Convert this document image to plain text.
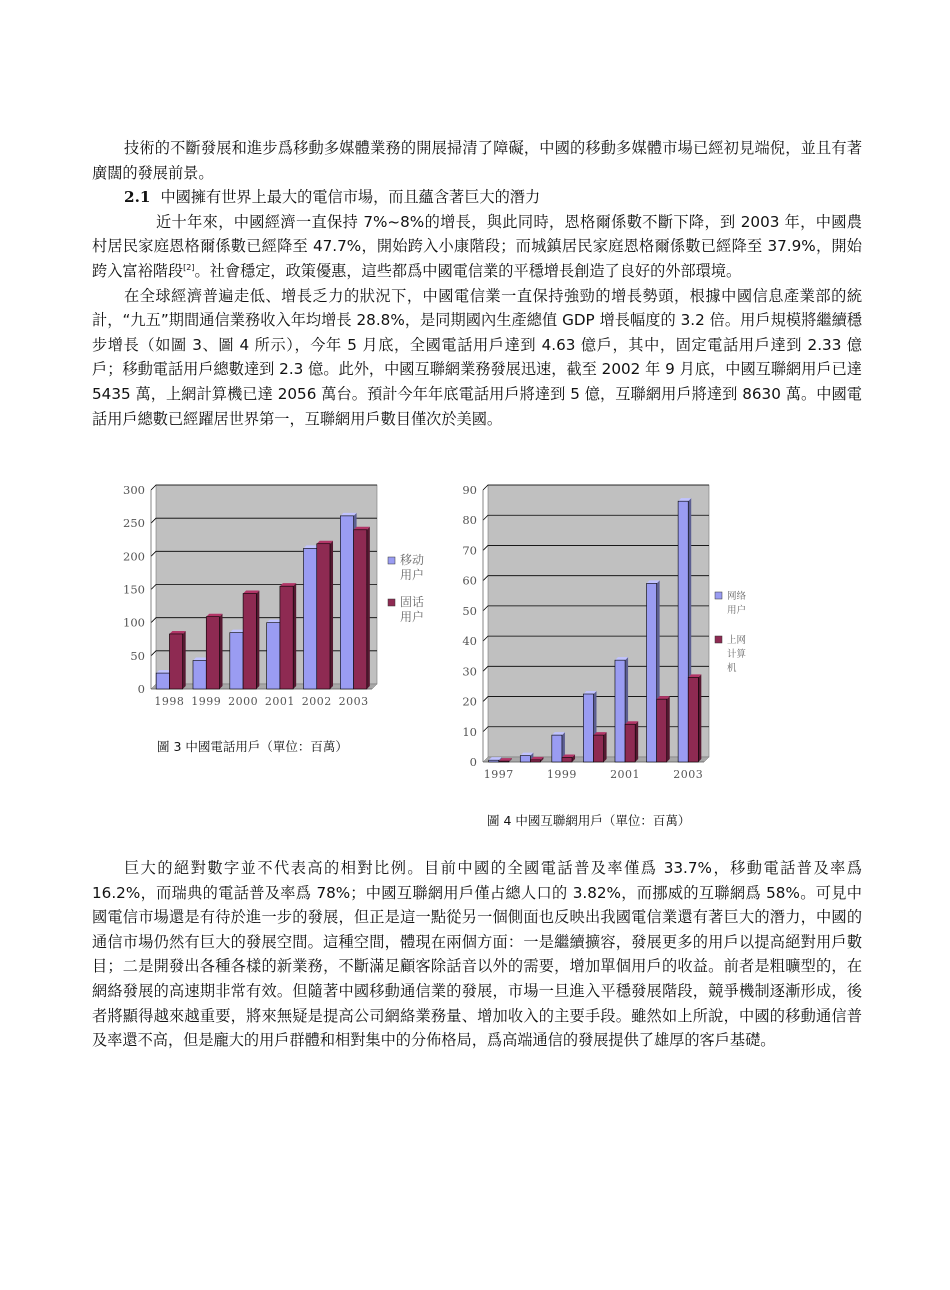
技術的不斷發展和進步爲移動多媒體業務的開展掃清了障礙，中國的移動多媒體市場已經初見端倪，並且有著廣闊的發展前景。

2.1 中國擁有世界上最大的電信市場，而且蘊含著巨大的潛力

近十年來，中國經濟一直保持 7%~8%的增長，與此同時，恩格爾係數不斷下降，到 2003 年，中國農村居民家庭恩格爾係數已經降至 47.7%，開始跨入小康階段；而城鎮居民家庭恩格爾係數已經降至 37.9%，開始跨入富裕階段[2]。社會穩定，政策優惠，這些都爲中國電信業的平穩增長創造了良好的外部環境。

在全球經濟普遍走低、增長乏力的狀況下，中國電信業一直保持強勁的增長勢頭，根據中國信息產業部的統計，“九五”期間通信業務收入年均增長 28.8%，是同期國內生產總值 GDP 增長幅度的 3.2 倍。用戶規模將繼續穩步增長（如圖 3、圖 4 所示），今年 5 月底，全國電話用戶達到 4.63 億戶，其中，固定電話用戶達到 2.33 億戶；移動電話用戶總數達到 2.3 億。此外，中國互聯網業務發展迅速，截至 2002 年 9 月底，中國互聯網用戶已達 5435 萬，上網計算機已達 2056 萬台。預計今年年底電話用戶將達到 5 億，互聯網用戶將達到 8630 萬。中國電話用戶總數已經躍居世界第一，互聯網用戶數目僅次於美國。

0
50
100
150
200
250
300
1998 1999 2000 2001 2002 2003
移动
用户
固话
用户
圖 3 中國電話用戶（單位：百萬）
0
10
20
30
40
50
60
70
80
90
1997	1999	2001	2003
网络
用户
上网
计算
机
圖 4 中國互聯網用戶（單位：百萬）

巨大的絕對數字並不代表高的相對比例。目前中國的全國電話普及率僅爲 33.7%，移動電話普及率爲 16.2%，而瑞典的電話普及率爲 78%；中國互聯網用戶僅占總人口的 3.82%，而挪威的互聯網爲 58%。可見中國電信市場還是有待於進一步的發展，但正是這一點從另一個側面也反映出我國電信業還有著巨大的潛力，中國的通信市場仍然有巨大的發展空間。這種空間，體現在兩個方面：一是繼續擴容，發展更多的用戶以提高絕對用戶數目；二是開發出各種各樣的新業務，不斷滿足顧客除話音以外的需要，增加單個用戶的收益。前者是粗曠型的，在網絡發展的高速期非常有效。但隨著中國移動通信業的發展，市場一旦進入平穩發展階段，競爭機制逐漸形成，後者將顯得越來越重要，將來無疑是提高公司網絡業務量、增加收入的主要手段。雖然如上所說，中國的移動通信普及率還不高，但是龐大的用戶群體和相對集中的分佈格局，爲高端通信的發展提供了雄厚的客戶基礎。
